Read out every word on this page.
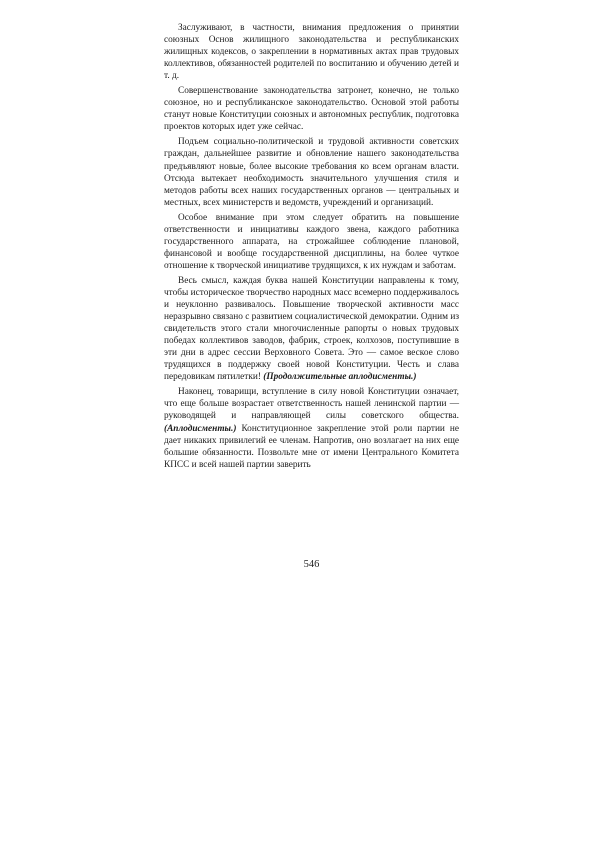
Заслуживают, в частности, внимания предложения о принятии союзных Основ жилищного законодательства и республиканских жилищных кодексов, о закреплении в нормативных актах прав трудовых коллективов, обязанностей родителей по воспитанию и обучению детей и т. д.

Совершенствование законодательства затронет, конечно, не только союзное, но и республиканское законодательство. Основой этой работы станут новые Конституции союзных и автономных республик, подготовка проектов которых идет уже сейчас.

Подъем социально-политической и трудовой активности советских граждан, дальнейшее развитие и обновление нашего законодательства предъявляют новые, более высокие требования ко всем органам власти. Отсюда вытекает необходимость значительного улучшения стиля и методов работы всех наших государственных органов — центральных и местных, всех министерств и ведомств, учреждений и организаций.

Особое внимание при этом следует обратить на повышение ответственности и инициативы каждого звена, каждого работника государственного аппарата, на строжайшее соблюдение плановой, финансовой и вообще государственной дисциплины, на более чуткое отношение к творческой инициативе трудящихся, к их нуждам и заботам.

Весь смысл, каждая буква нашей Конституции направлены к тому, чтобы историческое творчество народных масс всемерно поддерживалось и неуклонно развивалось. Повышение творческой активности масс неразрывно связано с развитием социалистической демократии. Одним из свидетельств этого стали многочисленные рапорты о новых трудовых победах коллективов заводов, фабрик, строек, колхозов, поступившие в эти дни в адрес сессии Верховного Совета. Это — самое веское слово трудящихся в поддержку своей новой Конституции. Честь и слава передовикам пятилетки! (Продолжительные аплодисменты.)

Наконец, товарищи, вступление в силу новой Конституции означает, что еще больше возрастает ответственность нашей ленинской партии — руководящей и направляющей силы советского общества. (Аплодисменты.) Конституционное закрепление этой роли партии не дает никаких привилегий ее членам. Напротив, оно возлагает на них еще большие обязанности. Позвольте мне от имени Центрального Комитета КПСС и всей нашей партии заверить

546
